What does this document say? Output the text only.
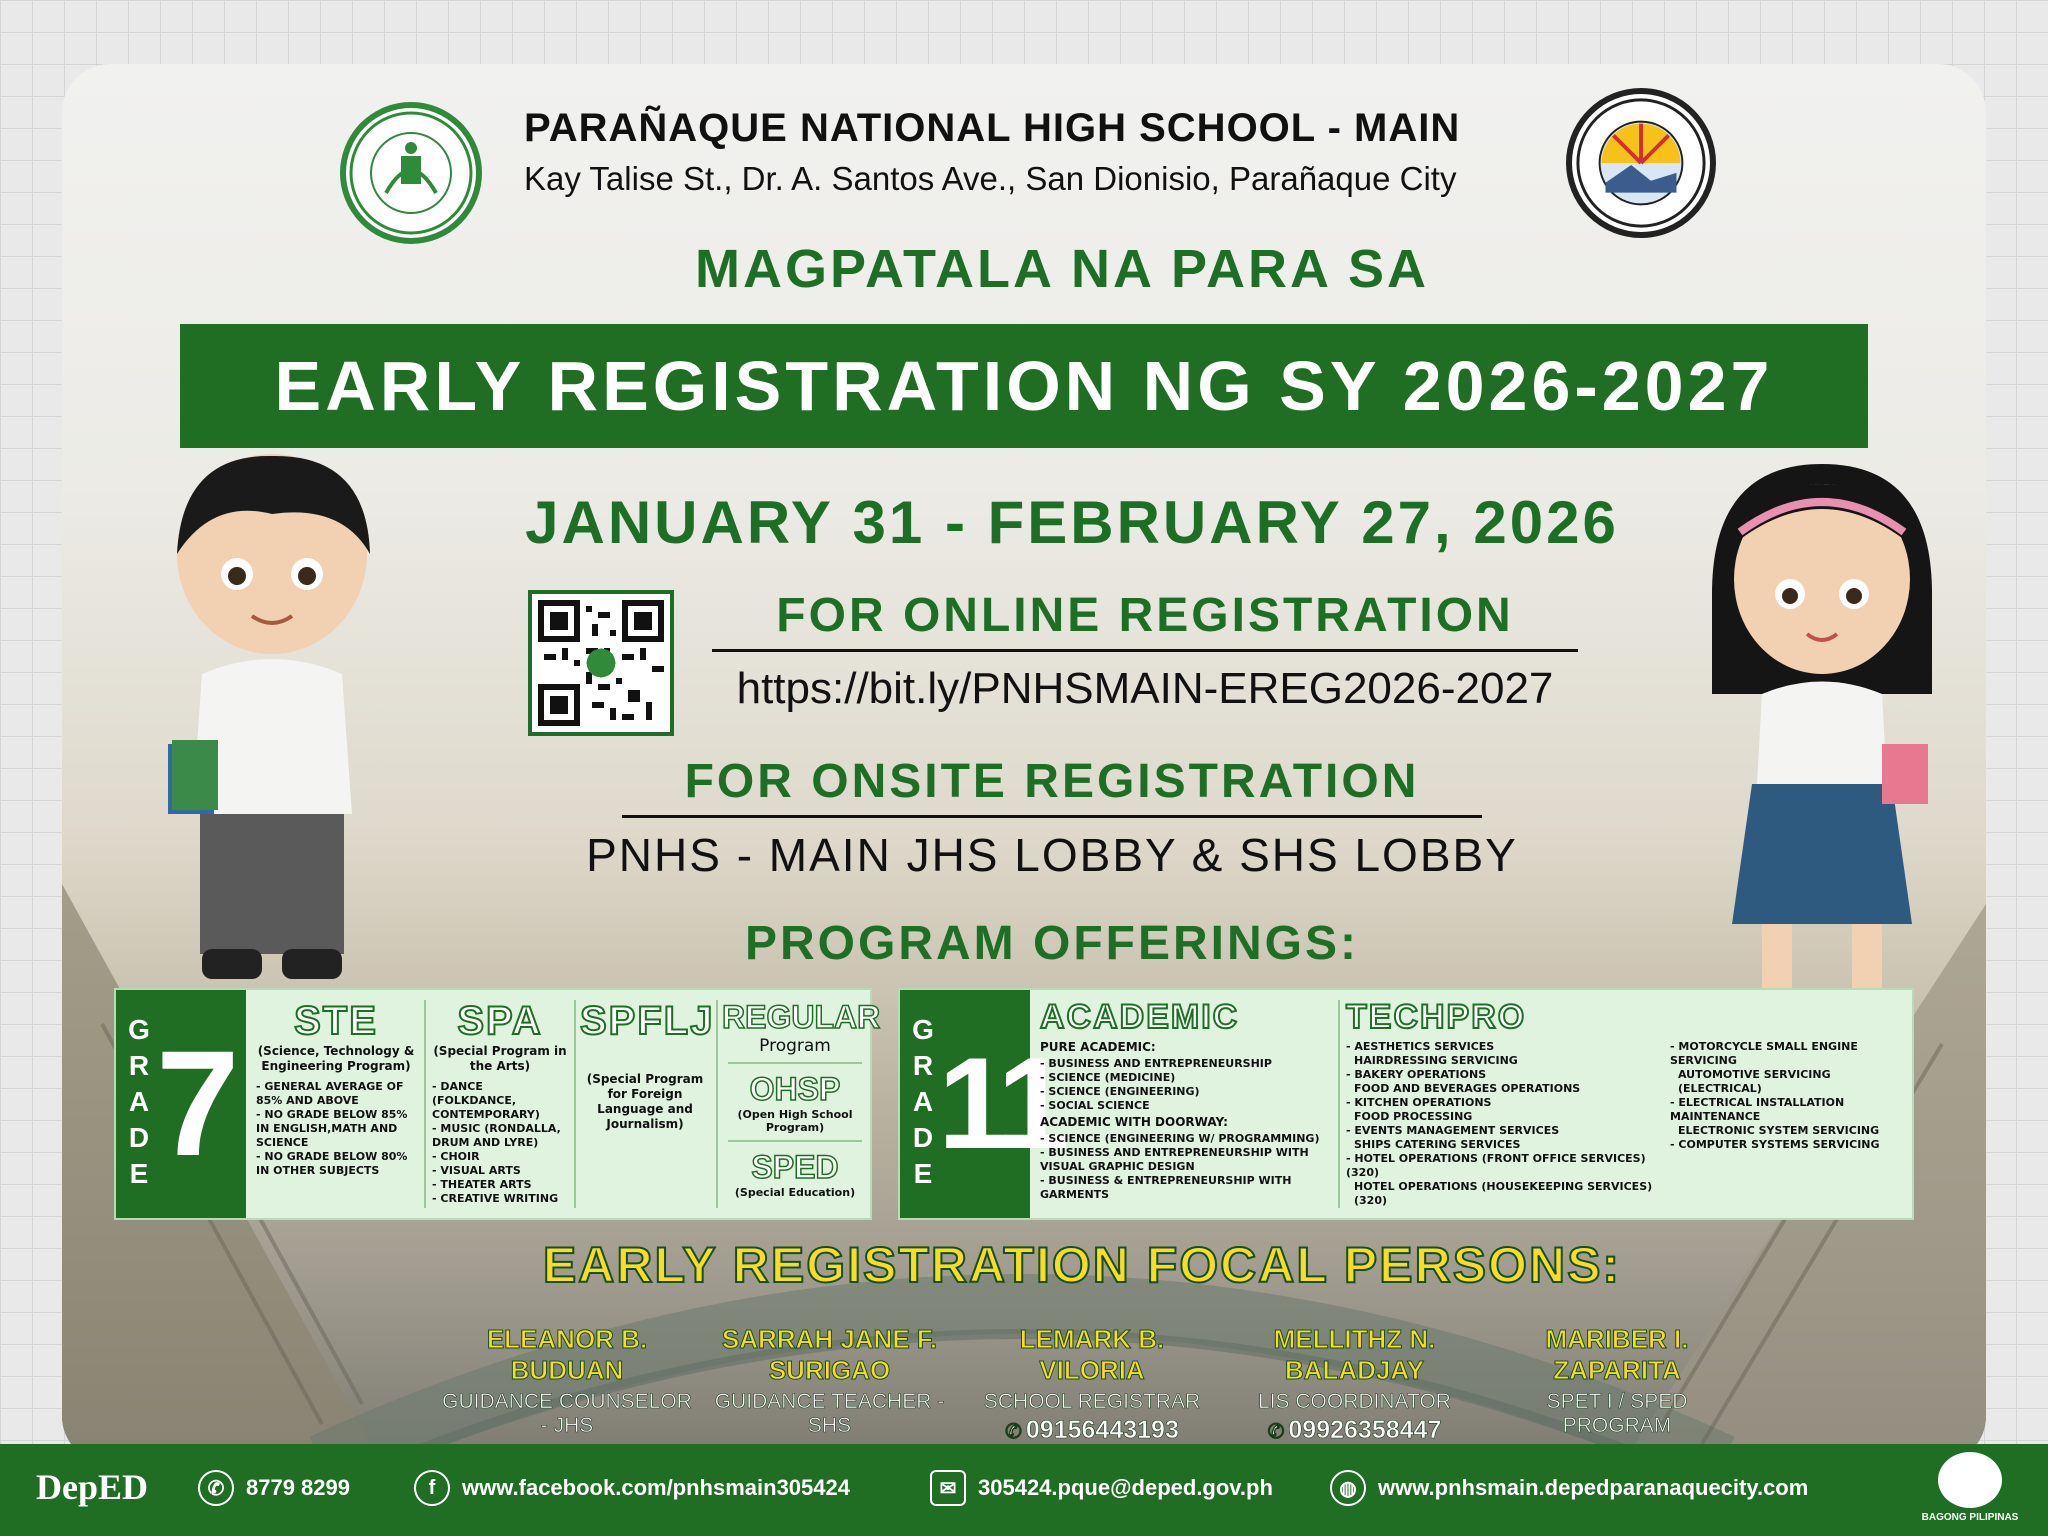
PARAÑAQUE NATIONAL HIGH SCHOOL - MAIN
Kay Talise St., Dr. A. Santos Ave., San Dionisio, Parañaque City
MAGPATALA NA PARA SA
EARLY REGISTRATION NG SY 2026-2027
JANUARY 31 - FEBRUARY 27, 2026
FOR ONLINE REGISTRATION
https://bit.ly/PNHSMAIN-EREG2026-2027
FOR ONSITE REGISTRATION
PNHS - MAIN JHS LOBBY & SHS LOBBY
PROGRAM OFFERINGS:
G
R
A
D
E 7	STE
(Science, Technology & Engineering Program)
- GENERAL AVERAGE OF 85% AND ABOVE
- NO GRADE BELOW 85% IN ENGLISH,MATH AND SCIENCE
- NO GRADE BELOW 80% IN OTHER SUBJECTS
SPA
(Special Program in the Arts)
- DANCE (FOLKDANCE, CONTEMPORARY)
- MUSIC (RONDALLA, DRUM AND LYRE)
- CHOIR
- VISUAL ARTS
- THEATER ARTS
- CREATIVE WRITING
SPFLJ
(Special Program for Foreign Language and Journalism)
REGULAR
Program
OHSP
(Open High School Program)
SPED
(Special Education)
G
R
A
D
E 11
ACADEMIC
PURE ACADEMIC:
- BUSINESS AND ENTREPRENEURSHIP
- SCIENCE (MEDICINE)
- SCIENCE (ENGINEERING)
- SOCIAL SCIENCE
ACADEMIC WITH DOORWAY:
- SCIENCE (ENGINEERING W/ PROGRAMMING)
- BUSINESS AND ENTREPRENEURSHIP WITH VISUAL GRAPHIC DESIGN
- BUSINESS & ENTREPRENEURSHIP WITH GARMENTS
TECHPRO
- AESTHETICS SERVICES
HAIRDRESSING SERVICING
- BAKERY OPERATIONS
FOOD AND BEVERAGES OPERATIONS
- KITCHEN OPERATIONS
FOOD PROCESSING
- EVENTS MANAGEMENT SERVICES
SHIPS CATERING SERVICES
- HOTEL OPERATIONS (FRONT OFFICE SERVICES) (320)
HOTEL OPERATIONS (HOUSEKEEPING SERVICES) (320)
- MOTORCYCLE SMALL ENGINE SERVICING
AUTOMOTIVE SERVICING (ELECTRICAL)
- ELECTRICAL INSTALLATION MAINTENANCE
ELECTRONIC SYSTEM SERVICING
- COMPUTER SYSTEMS SERVICING
EARLY REGISTRATION FOCAL PERSONS:
ELEANOR B. BUDUAN
GUIDANCE COUNSELOR - JHS
SARRAH JANE F. SURIGAO
GUIDANCE TEACHER - SHS
LEMARK B. VILORIA
SCHOOL REGISTRAR
✆ 09156443193
MELLITHZ N. BALADJAY
LIS COORDINATOR
✆ 09926358447
MARIBER I. ZAPARITA
SPET I / SPED PROGRAM
DepED	✆ 8779 8299	f	www.facebook.com/pnhsmain305424	✉ 305424.pque@deped.gov.ph	◍ www.pnhsmain.depedparanaquecity.com
BAGONG PILIPINAS
